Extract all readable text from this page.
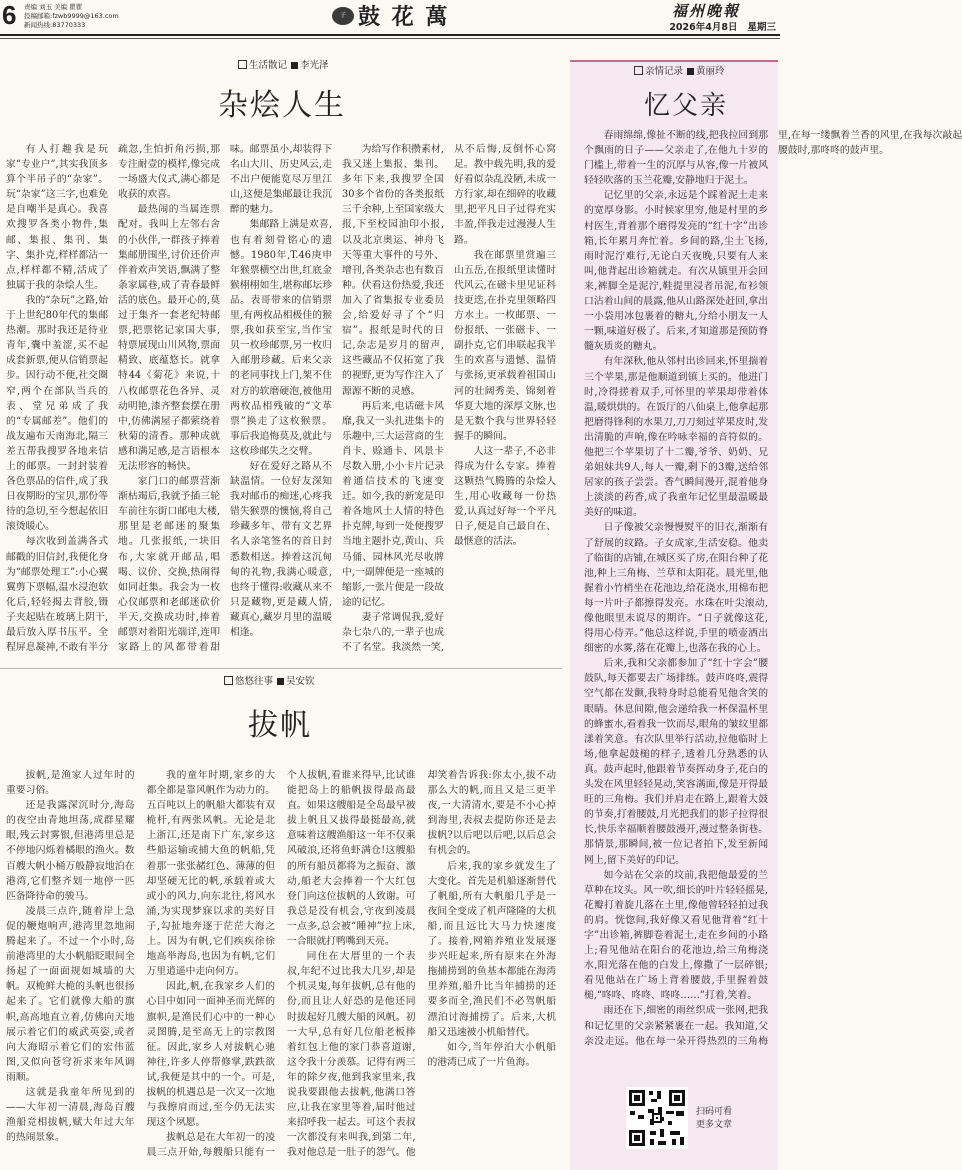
6 责编 刘玉 美编 瞿瞿
投稿邮箱:fzwb9999@163.com
新闻热线:83770333
子 鼓 花 萬	福州晚報
2026年4月8日 星期三
生活散记 李光泽
杂烩人生

有人打趣我是玩家“专业户”,其实我顶多算个半吊子的“杂家”。玩“杂家”这三字,也难免是自嘲半是真心。我喜欢搜罗各类小物件,集邮、集报、集刊、集字、集扑克,样样都沾一点,样样都不精,活成了独属于我的杂烩人生。

我的“杂玩”之路,始于上世纪80年代的集邮热潮。那时我还是待业青年,囊中羞涩,买不起成套新票,便从信销票起步。因行动不便,社交圈窄,两个在部队当兵的表、堂兄弟成了我的“专属邮差”。他们的战友遍布天南海北,隔三差五帮我搜罗各地来信上的邮票。一封封装着各色票品的信件,成了我日夜期盼的宝贝,那份等待的急切,至今想起依旧滚烫暖心。

每次收到盖满各式邮戳的旧信封,我便化身为“邮票处理工”:小心翼翼剪下票幅,温水浸泡软化后,轻轻揭去背胶,镊子夹起贴在玻璃上阴干,最后放入厚书压平。全程屏息凝神,不敢有半分疏忽,生怕折角污损,那专注耐壹的模样,像完成一场盛大仪式,满心都是收获的欢喜。

最热闹的当属连票配对。我叫上左邻右舍的小伙伴,一群孩子捧着集邮册围坐,讨价还价声伴着欢声笑语,飘满了整条家属巷,成了青春最鲜活的底色。最开心的,莫过于集齐一套老纪特邮票,把票铭记家国大事,特票展现山川风物,票面精致、底蕴悠长。就拿特44《菊花》来说,十八枚邮票花色各异、灵动明艳,漆齐整套摆在册中,仿佛满屋子都萦绕着秋菊的清香。那种成就感和满足感,是言语根本无法形容的畅快。

家门口的邮票营渐渐枯竭后,我就予插三轮车前往东街口邮电大楼,那里是老邮迷的聚集地。几张报纸,一块旧布,大家就开邮品,唱喝、议价、交换,热闹得如同赶集。我会为一枚心仪邮票和老邮迷砍价半天,交换成功时,捧着邮票对着阳光端详,连叩家路上的风都带着甜味。邮票虽小,却装得下名山大川、历史风云,走不出户便能览尽万里江山,这便是集邮最让我沉醉的魅力。

集邮路上满是欢喜,也有着刻骨铭心的遗憾。1980年,T.46庚申年猴票横空出世,红底金猴栩栩如生,堪称邮坛珍品。表哥带来的信销票里,有两枚品相极佳的猴票,我如获至宝,当作宝贝一枚珍邮票,另一枚归入邮册珍藏。后来父亲的老同事找上门,架不住对方的软磨硬泡,被他用两枚品相残破的“文革票”换走了这枚猴票。事后我追悔莫及,就此与这枚珍邮失之交臂。

好在爱好之路从不缺温情。一位好友深知我对邮币的痴迷,心疼我错失猴票的懊恼,将自己珍藏多年、带有文艺界名人亲笔签名的首日封悉数相送。捧着这沉甸甸的礼物,我满心暖意,也终于懂得:收藏从来不只是藏物,更是藏人情,藏真心,藏岁月里的温暖相逢。

为给写作积攒素材,我又迷上集报、集刊。多年下来,我搜罗全国30多个省份的各类报纸三千余种,上至国家级大报,下至校园油印小报,以及北京奥运、神舟飞天等重大事件的号外、增刊,各类杂志也有数百种。伏看这份热爱,我还加入了省集报专业委员会,给爱好寻了个“归宿”。报纸是时代的日记,杂志是岁月的留声,这些藏品不仅拓宽了我的视野,更为写作注入了源源不断的灵感。

再后来,电话磁卡风靡,我又一头扎进集卡的乐趣中,三大运营商的生肖卡、赊通卡、风景卡尽数入册,小小卡片记录着通信技术的飞速变迁。如今,我的新宠是印着各地风土人情的特色扑克牌,每到一处便搜罗当地主题扑克,黄山、兵马俑、园林风光尽收牌中,一副牌便是一座城的缩影,一张片便是一段故途的记忆。

妻子常调侃我,爱好杂七杂八的,一辈子也成不了名堂。我淡然一笑,从不后悔,反倒怀心窝足。教中载先明,我的爱好看似杂乱没陋,未成一方行家,却在细碎的收藏里,把平凡日子过得充实丰盈,伴我走过漫漫人生路。

我在邮票里赏遍三山五岳,在报纸里读懂时代风云,在磁卡里见证科技更迭,在扑克里领略四方水土。一枚邮票、一份报纸、一张磁卡、一副扑克,它们串联起我半生的欢喜与遗憾、温情与张扬,更承载着祖国山河的壮阔秀美、锦刻着华夏大地的深厚文脉,也是无数个我与世界轻轻握手的瞬间。

人这一辈子,不必非得成为什么专家。捧着这颗热气腾腾的杂烩人生,用心收藏每一份热爱,认真过好每一个平凡日子,便是自己最自在、最惬意的活法。

悠悠往事 吴安钦
拔帆

拔帆,是渔家人过年时的重要习俗。

还是我露深沉时分,海岛的夜空由青地坦荡,成群星耀眼,残云封雾银,但港湾里总是不停地闪烁着橘眼的渔火。数百艘大帆小桶万般静寂地泊在港湾,它们整齐划一地停一匹匹备降待命的骏马。

凌晨三点许,随着岸上急促的鞭炮响声,港湾里忽地闹腾起来了。不过一个小时,岛前港湾里的大小帆船眨眼间全扬起了一面面规如城墙的大帆。双桅鲜大桅的头帆也很扬起来了。它们就像大船的旗帜,高高地直立着,仿佛向天地展示着它们的威武英姿,或者向大海昭示着它们的宏伟蓝图,又似向苍穹祈求来年风调雨顺。

这就是我童年所见到的——大年初一清晨,海岛百艘渔船竞相拔帆,赋大年过大年的热闹景象。

我的童年时期,家乡的大都全都是靠风帆作为动力的。五百吨以上的帆船大都装有双桅杆,有两张风帆。无论是北上浙江,还是南下广东,家乡这些船运输或捕大鱼的帆船,凭着那一张张赭红色、薄薄的但却坚硬无比的帆,承载着或大或小的风力,向东北往,将风水涌,为实现梦寐以求的美好目子,勾扯地奔逐于茫茫大海之上。因为有帆,它们疾疾徐徐地高举海岛,也因为有帆,它们万里逍遥中走向何方。

因此,帆,在我家乡人们的心目中如同一面神圣而光辉的旗帜,是渔民们心中的一种心灵图腾,是至高无上的宗教图征。因此,家乡人对拔帆心驰神往,许多人停帮修掌,跌跌欲试,我便是其中的一个。可是,拔帆的机遇总是一次又一次地与我擦肩而过,至今仍无法实现这个夙愿。

拔帆总是在大年初一的凌晨三点开始,每艘船只能有一个人拔帆,看谁来得早,比试谁能把岛上的船帆拔得最高最直。如果这艘船是全岛最早被拔上帆且又拔得最挺最高,就意味着这艘渔船这一年不仅乘风破浪,还将鱼虾满仓!这艘船的所有船员都将为之振奋、激动,船老大会捧着一个大红包登门向这位拔帆的人致谢。可我总是没有机会,守夜到凌晨一点多,总会被“睡神”拉上床,一合眼就打鸭嘴到天亮。

同住在大厝里的一个表叔,年纪不过比我大几岁,却是个机灵鬼,每年拔帆,总有他的份,而且让人好恐的是他还同时拔起好几艘大船的风帆。初一大早,总有好几位船老板捧着红包上他的家门恭喜道谢,这令我十分羡慕。记得有两三年的除夕夜,他到我家里来,我说我要跟他去拔帆,他满口答应,让我在家里等着,届时他过来招呼我一起去。可这个表叔一次都没有来叫我,到第二年,我对他总是一肚子的怨气。他却笑着告诉我:你太小,拔不动那么大的帆,而且又是三更半夜,一大清清水,要是不小心掉到海里,表叔去提防你还是去拔帆?以后吧以后吧,以后总会有机会的。

后来,我的家乡就发生了大变化。首先是机船逐渐替代了帆船,所有大帆船几乎是一夜间全变成了机声隆隆的大机船,而且远比大马力快速度了。接着,网箱养殖业发展逐步兴旺起来,所有原来在外海拖捕捞到的鱼基本都能在海湾里养殖,船升比当年捕捞的还要多而全,渔民们不必驾帆船漂泊讨海捕捞了。后来,大机船又迅速被小机船替代。

如今,当年停泊大小帆船的港湾已成了一片鱼海。

亲情记录 黄丽玲
忆父亲

春雨绵绵,像扯不断的线,把我拉回到那个飘雨的日子——父亲走了,在他九十岁的门槛上,带着一生的沉厚与从容,像一片被风轻轻吹落的玉兰花瓣,安静地归于泥土。

记忆里的父亲,永远是个踩着泥土走来的宽厚身影。小时候家里穷,他是村里的乡村医生,背着那个磨得发亮的“红十字”出诊箱,长年累月奔忙着。乡间的路,尘土飞扬,雨时泥泞难行,无论白天夜晚,只要有人来叫,他背起出诊箱就走。有次从镇里开会回来,裤脚全是泥泞,鞋提里浸者吊泥,布衫领口沾着山间的晨露,他从山路深处赶回,拿出一小袋用冰包裹着的糖丸,分给小朋友一人一颗,味道好极了。后来,才知道那是预防脊髓灰质炎的糖丸。

有年深秋,他从邻村出诊回来,怀里揣着三个苹果,那是他顺道到镇上买的。他进门时,冷得搓着双手,可怀里的苹果却带着体温,暖烘烘的。在饭厅的八仙桌上,他拿起那把磨得锋利的水果刀,刀刀刻过苹果皮时,发出清脆的声响,像在吟咏幸福的音符似的。他把三个苹果切了十二瓣,爷爷、奶奶、兄弟姐妹共9人,每人一瓣,剩下的3瓣,送给邻居家的孩子尝尝。香气瞬间漫开,混着他身上淡淡的药香,成了我童年记忆里最温暖最美好的味道。

日子像被父亲慢慢熨平的旧衣,渐渐有了舒展的纹路。子女成家,生活安稳。他卖了临街的店铺,在城区买了房,在阳台种了花池,种上三角梅、兰草和太阳花。晨光里,他握着小竹梢坐在花池边,给花浇水,用棉布把每一片叶子都擦得发亮。水珠在叶尖滚动,像他眼里未说尽的期许。“日子就像这花,得用心侍弄。”他总这样说,手里的喷壶洒出细密的水雾,落在花瓣上,也落在我的心上。

后来,我和父亲都参加了“红十字会”腰鼓队,每天都要去广场排练。鼓声咚咚,震得空气都在发颤,我特身时总能看见他含笑的眼睛。休息间隙,他会递给我一杯保温杯里的蜂蜜水,看着我一饮而尽,眼角的皱纹里都漾着笑意。有次队里举行活动,拉他临时上场,他拿起鼓槌的样子,透着几分熟悉的认真。鼓声起时,他跟着节奏挥动身子,花白的头发在风里轻轻晃动,笑容满面,像是开得最旺的三角梅。我们并肩走在路上,跟着大鼓的节奏,打着腰鼓,月光把我们的影子拉得很长,快乐幸福顺着腰鼓漫开,漫过整条街巷。那情景,那瞬间,被一位记者拍下,发至新闻网上,留下美好的印记。

如今站在父亲的坟前,我把他最爱的兰草种在坟头。风一吹,细长的叶片轻轻摇晃,花瓣打着旋儿落在土里,像他曾轻轻拍过我的肩。恍惚间,我好像又看见他背着“红十字”出诊箱,裤脚卷着泥土,走在乡间的小路上;看见他站在阳台的花池边,给三角梅浇水,阳光落在他的白发上,像撒了一层碎银;看见他站在广场上背着腰鼓,手里握着鼓槌,“咚咚、咚咚、咚咚……”打着,笑着。

雨还在下,细密的雨丝织成一张网,把我和记忆里的父亲紧紧裹在一起。我知道,父亲没走远。他在每一朵开得热烈的三角梅里,在每一缕飘着兰香的风里,在我每次敲起腰鼓时,那咚咚的鼓声里。

扫码可看
更多文章
